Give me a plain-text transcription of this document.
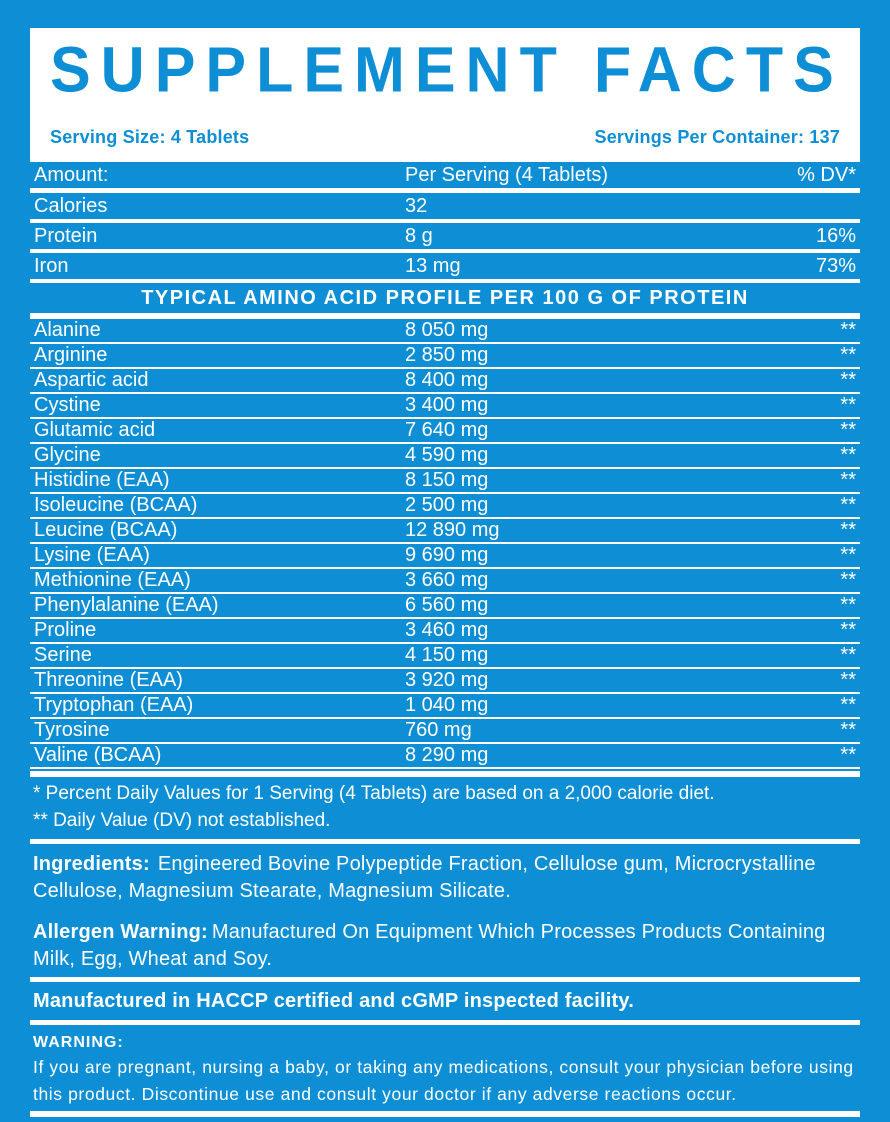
SUPPLEMENT FACTS
Serving Size: 4 Tablets	Servings Per Container: 137
Amount:	Per Serving (4 Tablets)	% DV*
Calories	32
Protein	8 g	16%
Iron	13 mg	73%
TYPICAL AMINO ACID PROFILE PER 100 G OF PROTEIN
Alanine	8 050 mg	**
Arginine	2 850 mg	**
Aspartic acid	8 400 mg	**
Cystine	3 400 mg	**
Glutamic acid	7 640 mg	**
Glycine	4 590 mg	**
Histidine (EAA)	8 150 mg	**
Isoleucine (BCAA)	2 500 mg	**
Leucine (BCAA)	12 890 mg	**
Lysine (EAA)	9 690 mg	**
Methionine (EAA)	3 660 mg	**
Phenylalanine (EAA)	6 560 mg	**
Proline	3 460 mg	**
Serine	4 150 mg	**
Threonine (EAA)	3 920 mg	**
Tryptophan (EAA)	1 040 mg	**
Tyrosine	760 mg	**
Valine (BCAA)	8 290 mg	**
* Percent Daily Values for 1 Serving (4 Tablets) are based on a 2,000 calorie diet.
** Daily Value (DV) not established.

Ingredients: Engineered Bovine Polypeptide Fraction, Cellulose gum, Microcrystalline Cellulose, Magnesium Stearate, Magnesium Silicate.

Allergen Warning: Manufactured On Equipment Which Processes Products Containing Milk, Egg, Wheat and Soy.

Manufactured in HACCP certified and cGMP inspected facility.
WARNING:
If you are pregnant, nursing a baby, or taking any medications, consult your physician before using this product. Discontinue use and consult your doctor if any adverse reactions occur.
